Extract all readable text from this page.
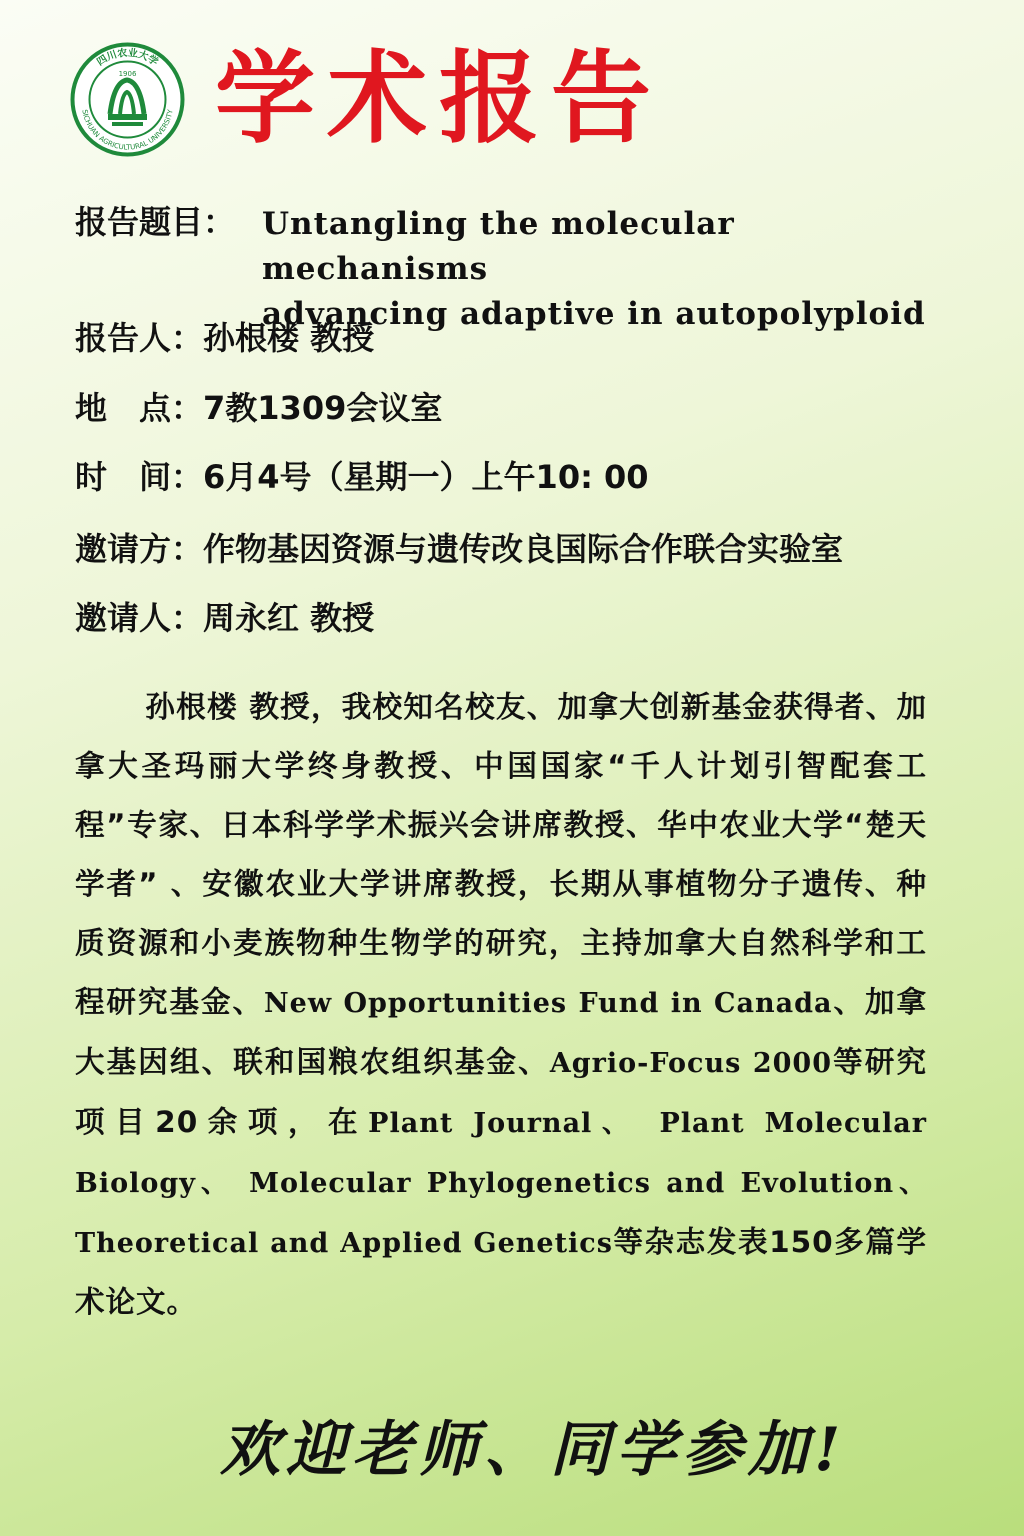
1906
四川农业大学
SICHUAN AGRICULTURAL UNIVERSITY 学术报告
报告题目： Untangling the molecular mechanisms
advancing adaptive in autopolyploid
报告人：孙根楼 教授
地　点：7教1309会议室
时　间：6月4号（星期一）上午10: 00
邀请方：作物基因资源与遗传改良国际合作联合实验室
邀请人：周永红 教授
孙根楼 教授，我校知名校友、加拿大创新基金获得者、加拿大圣玛丽大学终身教授、中国国家“千人计划引智配套工程”专家、日本科学学术振兴会讲席教授、华中农业大学“楚天学者” 、安徽农业大学讲席教授，长期从事植物分子遗传、种质资源和小麦族物种生物学的研究，主持加拿大自然科学和工程研究基金、New Opportunities Fund in Canada、加拿大基因组、联和国粮农组织基金、Agrio-Focus 2000等研究项目20余项，在Plant Journal、 Plant Molecular Biology、 Molecular Phylogenetics and Evolution、 Theoretical and Applied Genetics等杂志发表150多篇学术论文。
欢迎老师、同学参加!
